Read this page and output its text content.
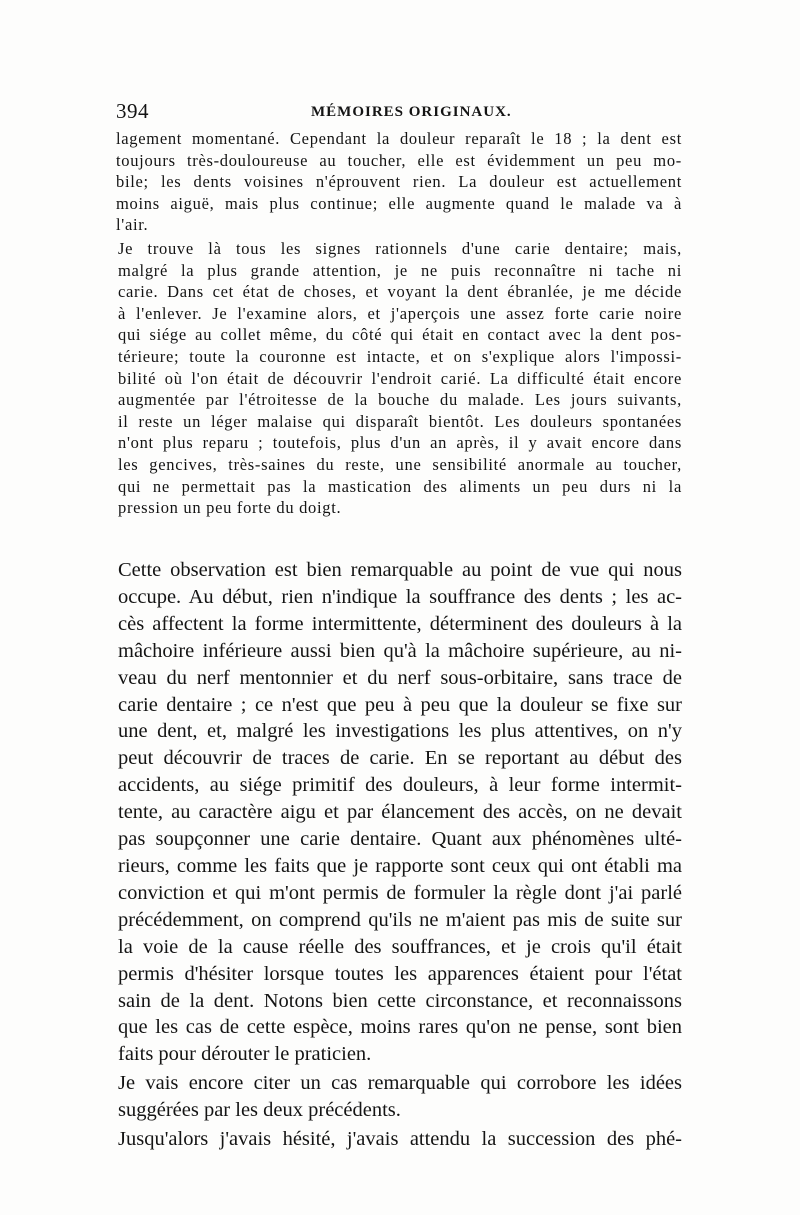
394	MÉMOIRES ORIGINAUX.

lagement momentané. Cependant la douleur reparaît le 18 ; la dent est
toujours très-douloureuse au toucher, elle est évidemment un peu mo-
bile; les dents voisines n'éprouvent rien. La douleur est actuellement
moins aiguë, mais plus continue; elle augmente quand le malade va à
l'air.

Je trouve là tous les signes rationnels d'une carie dentaire; mais,
malgré la plus grande attention, je ne puis reconnaître ni tache ni
carie. Dans cet état de choses, et voyant la dent ébranlée, je me décide
à l'enlever. Je l'examine alors, et j'aperçois une assez forte carie noire
qui siége au collet même, du côté qui était en contact avec la dent pos-
térieure; toute la couronne est intacte, et on s'explique alors l'impossi-
bilité où l'on était de découvrir l'endroit carié. La difficulté était encore
augmentée par l'étroitesse de la bouche du malade. Les jours suivants,
il reste un léger malaise qui disparaît bientôt. Les douleurs spontanées
n'ont plus reparu ; toutefois, plus d'un an après, il y avait encore dans
les gencives, très-saines du reste, une sensibilité anormale au toucher,
qui ne permettait pas la mastication des aliments un peu durs ni la
pression un peu forte du doigt.

Cette observation est bien remarquable au point de vue qui nous
occupe. Au début, rien n'indique la souffrance des dents ; les ac-
cès affectent la forme intermittente, déterminent des douleurs à la
mâchoire inférieure aussi bien qu'à la mâchoire supérieure, au ni-
veau du nerf mentonnier et du nerf sous-orbitaire, sans trace de
carie dentaire ; ce n'est que peu à peu que la douleur se fixe sur
une dent, et, malgré les investigations les plus attentives, on n'y
peut découvrir de traces de carie. En se reportant au début des
accidents, au siége primitif des douleurs, à leur forme intermit-
tente, au caractère aigu et par élancement des accès, on ne devait
pas soupçonner une carie dentaire. Quant aux phénomènes ulté-
rieurs, comme les faits que je rapporte sont ceux qui ont établi ma
conviction et qui m'ont permis de formuler la règle dont j'ai parlé
précédemment, on comprend qu'ils ne m'aient pas mis de suite sur
la voie de la cause réelle des souffrances, et je crois qu'il était
permis d'hésiter lorsque toutes les apparences étaient pour l'état
sain de la dent. Notons bien cette circonstance, et reconnaissons
que les cas de cette espèce, moins rares qu'on ne pense, sont bien
faits pour dérouter le praticien.

Je vais encore citer un cas remarquable qui corrobore les idées
suggérées par les deux précédents.

Jusqu'alors j'avais hésité, j'avais attendu la succession des phé-
